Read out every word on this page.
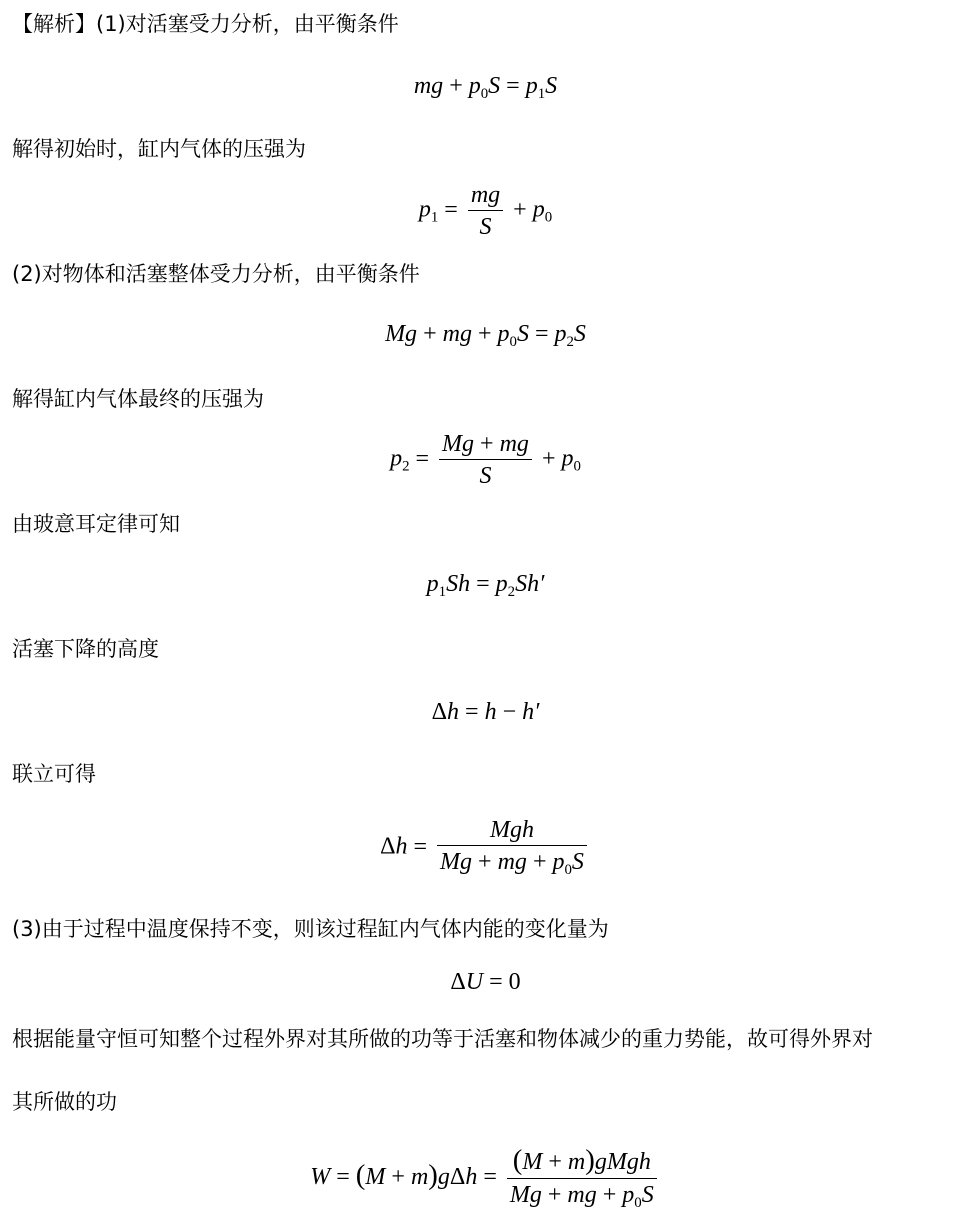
【解析】(1)对活塞受力分析，由平衡条件
mg + $p_0S = p_1S$
解得初始时，缸内气体的压强为
$p_1 = \frac{mg}{S} + p_0$
(2)对物体和活塞整体受力分析，由平衡条件
Mg + mg + $p_0S = p_2S$
解得缸内气体最终的压强为
$p_2 = \frac{Mg + mg}{S} + p_0$
由玻意耳定律可知
$p_1Sh = p_2Sh'$
活塞下降的高度
Δh = h − h′
联立可得
$\Delta h = \frac{\text{Mgh}}{Mg + mg + p_0S}$
(3)由于过程中温度保持不变，则该过程缸内气体内能的变化量为
ΔU = 0
根据能量守恒可知整个过程外界对其所做的功等于活塞和物体减少的重力势能，故可得外界对
其所做的功
$W = (M + m)g\Delta h = \frac{\text{(M + m)gMgh}}{Mg + mg + p_0S}$
